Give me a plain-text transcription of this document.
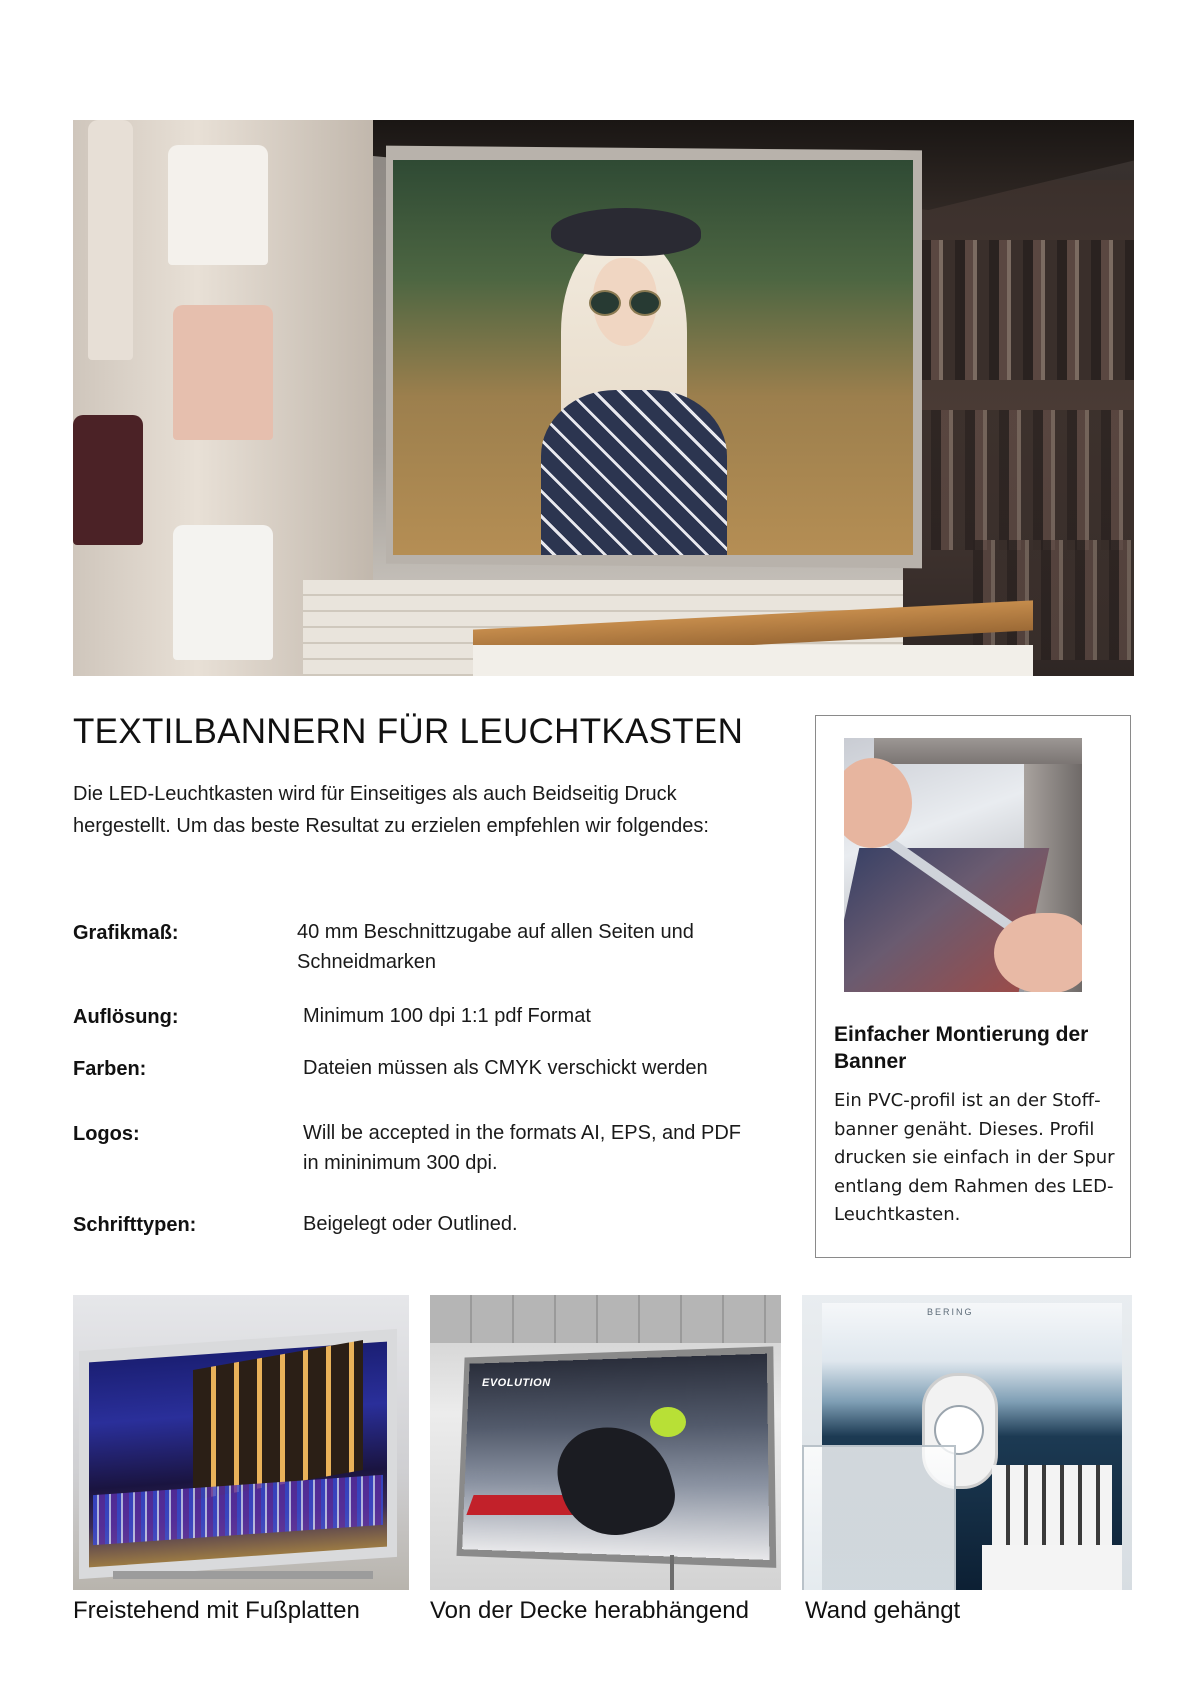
TEXTILBANNERN FÜR LEUCHTKASTEN

Die LED-Leuchtkasten wird für Einseitiges als auch Beidseitig Druck hergestellt. Um das beste Resultat zu erzielen empfehlen wir folgendes:

Grafikmaß:	40 mm Beschnittzugabe auf allen Seiten und Schneidmarken
Auflösung:	Minimum 100 dpi 1:1 pdf Format
Farben:	Dateien müssen als CMYK verschickt werden
Logos:	Will be accepted in the formats AI, EPS, and PDF in mininimum 300 dpi.
Schrifttypen:	Beigelegt oder Outlined.
Einfacher Montierung der Banner

Ein PVC-profil ist an der Stoff-banner genäht. Dieses. Profil drucken sie einfach in der Spur entlang dem Rahmen des LED-Leuchtkasten.

Freistehend mit Fußplatten
EVOLUTION
Von der Decke herabhängend
BERING
Wand gehängt
